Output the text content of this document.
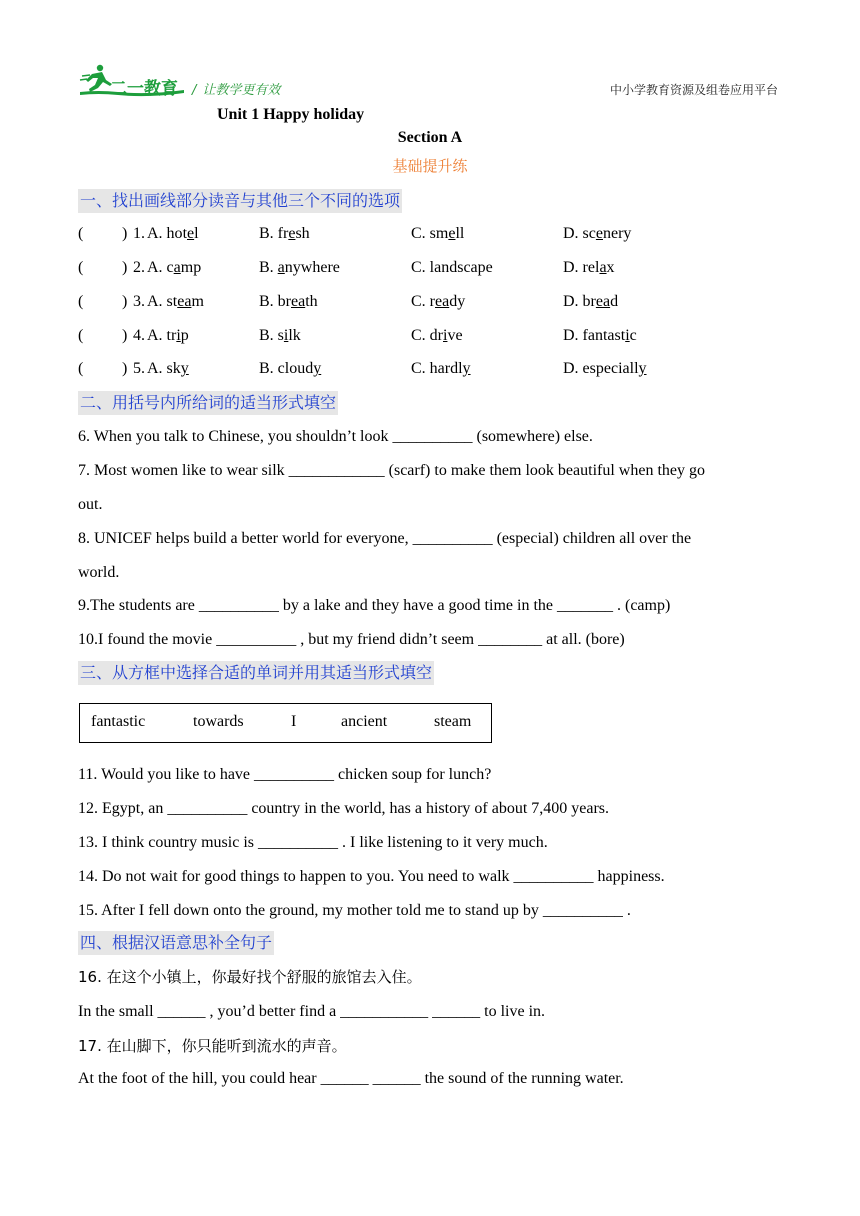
二一教育 / 让教学更有效	中小学教育资源及组卷应用平台
Unit 1 Happy holiday
Section A
基础提升练
一、找出画线部分读音与其他三个不同的选项
( ) 1. A. hotel	B. fresh	C. smell	D. scenery
( ) 2. A. camp	B. anywhere	C. landscape	D. relax
( ) 3. A. steam	B. breath	C. ready	D. bread
( ) 4. A. trip	B. silk	C. drive	D. fantastic
( ) 5. A. sky	B. cloudy	C. hardly	D. especially
二、用括号内所给词的适当形式填空
6. When you talk to Chinese, you shouldn’t look __________ (somewhere) else.
7. Most women like to wear silk ____________ (scarf) to make them look beautiful when they go
out.
8. UNICEF helps build a better world for everyone, __________ (especial) children all over the
world.
9.The students are __________ by a lake and they have a good time in the _______ . (camp)
10.I found the movie __________ , but my friend didn’t seem ________ at all. (bore)
三、从方框中选择合适的单词并用其适当形式填空
fantastic	towards	I	ancient	steam
11. Would you like to have __________ chicken soup for lunch?
12. Egypt, an __________ country in the world, has a history of about 7,400 years.
13. I think country music is __________ . I like listening to it very much.
14. Do not wait for good things to happen to you. You need to walk __________ happiness.
15. After I fell down onto the ground, my mother told me to stand up by __________ .
四、根据汉语意思补全句子
16. 在这个小镇上，你最好找个舒服的旅馆去入住。
In the small ______ , you’d better find a ___________ ______ to live in.
17. 在山脚下，你只能听到流水的声音。
At the foot of the hill, you could hear ______ ______ the sound of the running water.
